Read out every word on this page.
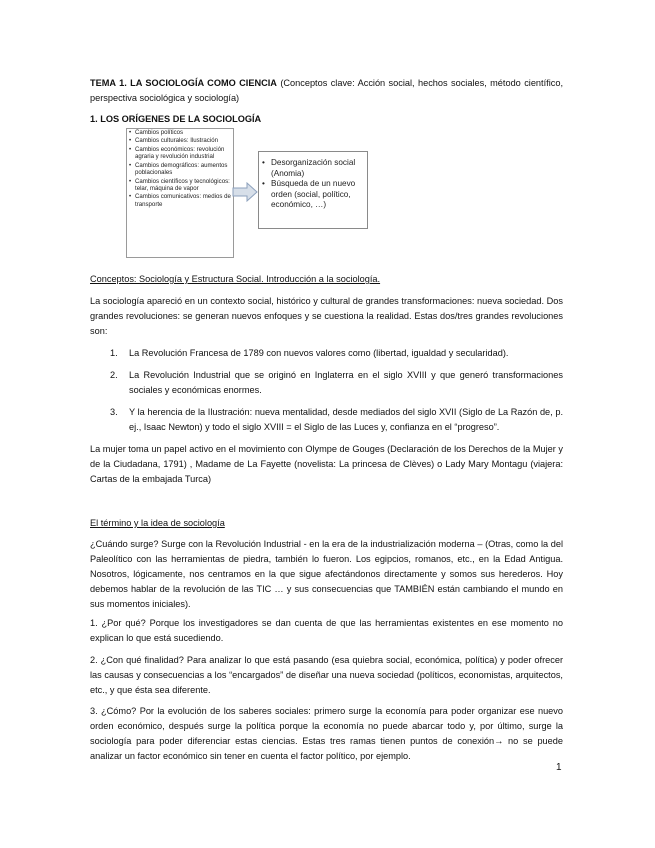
TEMA 1. LA SOCIOLOGÍA COMO CIENCIA (Conceptos clave: Acción social, hechos sociales, método científico, perspectiva sociológica y sociología)
1. LOS ORÍGENES DE LA SOCIOLOGÍA
• Cambios políticos
• Cambios culturales: Ilustración
• Cambios económicos: revolución agraria y revolución industrial
• Cambios demográficos: aumentos poblacionales
• Cambios científicos y tecnológicos: telar, máquina de vapor
• Cambios comunicativos: medios de transporte
• Desorganización social (Anomia)
• Búsqueda de un nuevo orden (social, político, económico, …)
Conceptos: Sociología y Estructura Social. Introducción a la sociología.
La sociología apareció en un contexto social, histórico y cultural de grandes transformaciones: nueva sociedad. Dos grandes revoluciones: se generan nuevos enfoques y se cuestiona la realidad. Estas dos/tres grandes revoluciones son:
1. La Revolución Francesa de 1789 con nuevos valores como (libertad, igualdad y secularidad).
2. La Revolución Industrial que se originó en Inglaterra en el siglo XVIII y que generó transformaciones sociales y económicas enormes.
3. Y la herencia de la Ilustración: nueva mentalidad, desde mediados del siglo XVII (Siglo de La Razón de, p. ej., Isaac Newton) y todo el siglo XVIII = el Siglo de las Luces y, confianza en el “progreso”.
La mujer toma un papel activo en el movimiento con Olympe de Gouges (Declaración de los Derechos de la Mujer y de la Ciudadana, 1791) , Madame de La Fayette (novelista: La princesa de Clèves) o Lady Mary Montagu (viajera: Cartas de la embajada Turca)
El término y la idea de sociología
¿Cuándo surge? Surge con la Revolución Industrial - en la era de la industrialización moderna – (Otras, como la del Paleolítico con las herramientas de piedra, también lo fueron. Los egipcios, romanos, etc., en la Edad Antigua. Nosotros, lógicamente, nos centramos en la que sigue afectándonos directamente y somos sus herederos. Hoy debemos hablar de la revolución de las TIC … y sus consecuencias que TAMBIÉN están cambiando el mundo en sus momentos iniciales).
1. ¿Por qué? Porque los investigadores se dan cuenta de que las herramientas existentes en ese momento no explican lo que está sucediendo.
2. ¿Con qué finalidad? Para analizar lo que está pasando (esa quiebra social, económica, política) y poder ofrecer las causas y consecuencias a los “encargados” de diseñar una nueva sociedad (políticos, economistas, arquitectos, etc., y que ésta sea diferente.
3. ¿Cómo? Por la evolución de los saberes sociales: primero surge la economía para poder organizar ese nuevo orden económico, después surge la política porque la economía no puede abarcar todo y, por último, surge la sociología para poder diferenciar estas ciencias. Estas tres ramas tienen puntos de conexión→ no se puede analizar un factor económico sin tener en cuenta el factor político, por ejemplo.
1
